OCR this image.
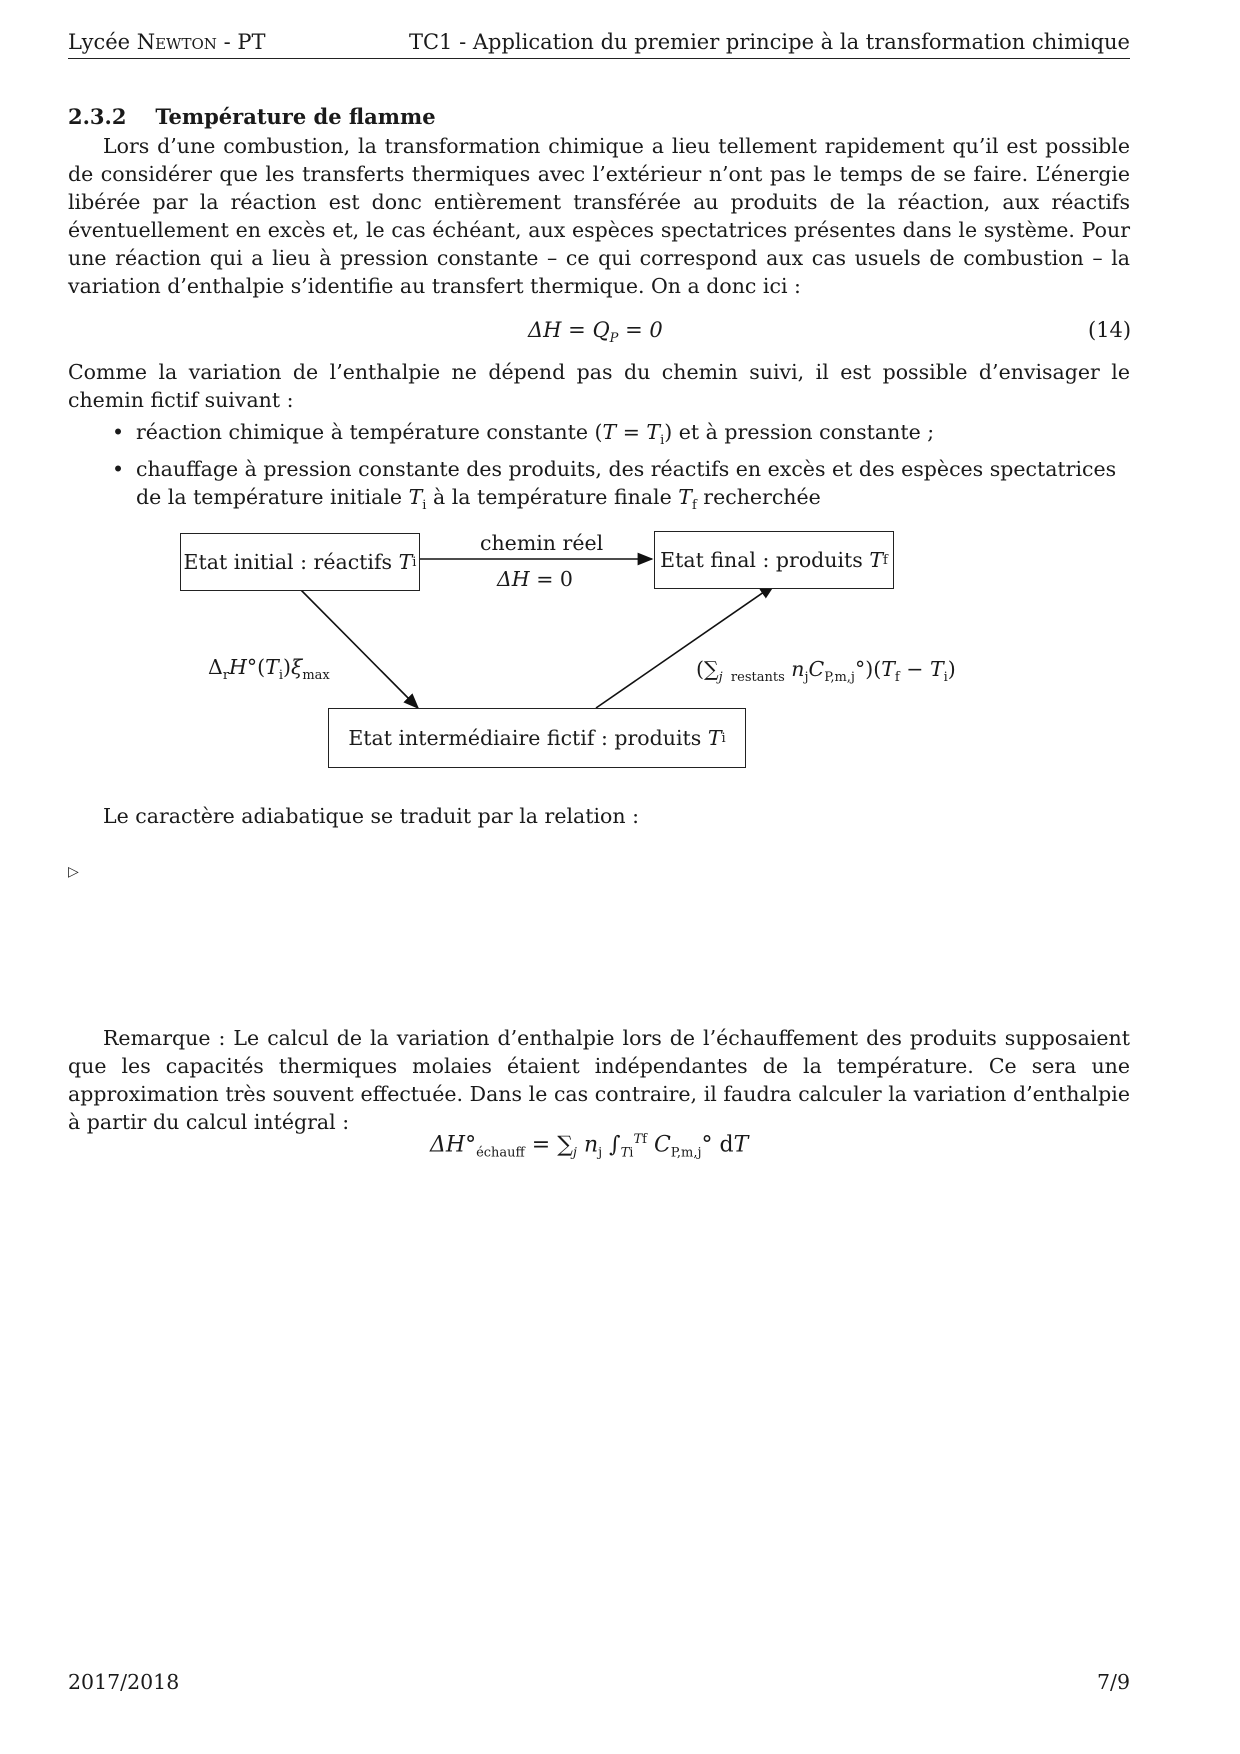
Lycée Newton - PT	TC1 - Application du premier principe à la transformation chimique
2.3.2 Température de flamme

Lors d’une combustion, la transformation chimique a lieu tellement rapidement qu’il est possible de considérer que les transferts thermiques avec l’extérieur n’ont pas le temps de se faire. L’énergie libérée par la réaction est donc entièrement transférée au produits de la réaction, aux réactifs éventuellement en excès et, le cas échéant, aux espèces spectatrices présentes dans le système. Pour une réaction qui a lieu à pression constante – ce qui correspond aux cas usuels de combustion – la variation d’enthalpie s’identifie au transfert thermique. On a donc ici :

$\Delta H = Q_P = 0$	(14)

Comme la variation de l’enthalpie ne dépend pas du chemin suivi, il est possible d’envisager le chemin fictif suivant :

• réaction chimique à température constante $(T = T_i)$ et à pression constante ;
• chauffage à pression constante des produits, des réactifs en excès et des espèces spectatrices de la température initiale $T_i$ à la température finale $T_f$ recherchée
Etat initial : réactifs
T i	Etat final : produits
T f
Etat intermédiaire fictif : produits
T i
chemin réel
ΔH = 0
$\Delta_rH^\circ(T_i)\xi_{max}$	($\sum_{j restants}$ $n_jC_{P,m,j}^\circ)(T_f - T_i)$

Le caractère adiabatique se traduit par la relation :

▷

Remarque : Le calcul de la variation d’enthalpie lors de l’échauffement des produits supposaient que les capacités thermiques molaies étaient indépendantes de la température. Ce sera une approximation très souvent effectuée. Dans le cas contraire, il faudra calculer la variation d’enthalpie à partir du calcul intégral :

$\Delta H^\circ_{échauff} = \sum_j$ $n_j$ $\int_{Ti}^{Tf}$ $C_{P,m,j}^\circ$ dT
2017/2018	7/9
